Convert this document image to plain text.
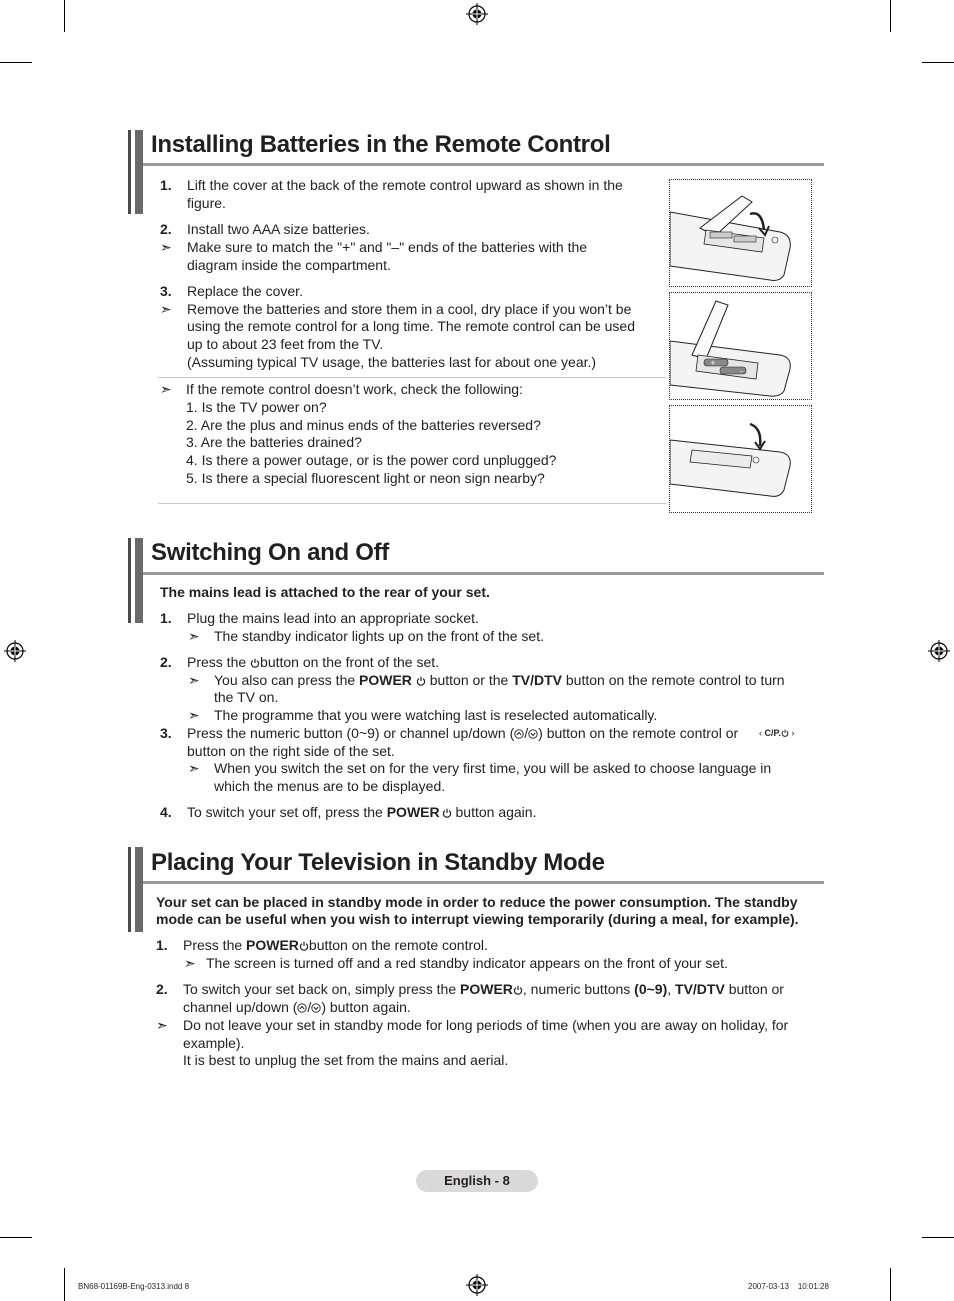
Installing Batteries in the Remote Control
1. Lift the cover at the back of the remote control upward as shown in the
figure.
2. Install two AAA size batteries.
➣ Make sure to match the "+" and "–" ends of the batteries with the
diagram inside the compartment.
3. Replace the cover.
➣ Remove the batteries and store them in a cool, dry place if you won’t be
using the remote control for a long time. The remote control can be used
up to about 23 feet from the TV.
(Assuming typical TV usage, the batteries last for about one year.)
➣ If the remote control doesn’t work, check the following:
1. Is the TV power on?
2. Are the plus and minus ends of the batteries reversed?
3. Are the batteries drained?
4. Is there a power outage, or is the power cord unplugged?
5. Is there a special fluorescent light or neon sign nearby?
+
–
Switching On and Off
The mains lead is attached to the rear of your set.
1. Plug the mains lead into an appropriate socket.
➣ The standby indicator lights up on the front of the set.
2. Press the button on the front of the set.
➣ You also can press the POWER  button or the TV/DTV button on the remote control to turn
the TV on.
➣ The programme that you were watching last is reselected automatically.
3. Press the numeric button (0~9) or channel up/down ( / ) button on the remote control or ‹ C/P. ›
button on the right side of the set.
➣ When you switch the set on for the very first time, you will be asked to choose language in
which the menus are to be displayed.
4. To switch your set off, press the POWER button again.
Placing Your Television in Standby Mode
Your set can be placed in standby mode in order to reduce the power consumption. The standby
mode can be useful when you wish to interrupt viewing temporarily (during a meal, for example).
1. Press the POWER button on the remote control.
➣ The screen is turned off and a red standby indicator appears on the front of your set.
2. To switch your set back on, simply press the POWER , numeric buttons (0~9), TV/DTV button or
channel up/down ( / ) button again.
➣ Do not leave your set in standby mode for long periods of time (when you are away on holiday, for
example).
It is best to unplug the set from the mains and aerial.
English - 8
BN68-01169B-Eng-0313.indd 8	2007-03-13    10:01:28
